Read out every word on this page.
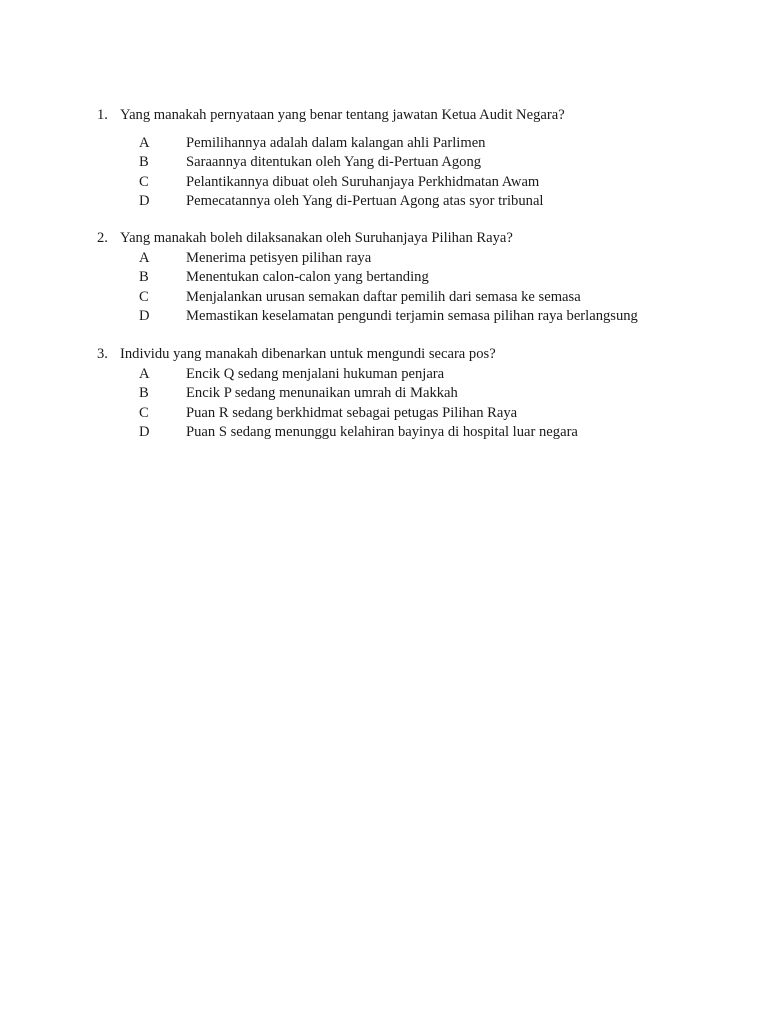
1. Yang manakah pernyataan yang benar tentang jawatan Ketua Audit Negara?
A Pemilihannya adalah dalam kalangan ahli Parlimen
B	Saraannya ditentukan oleh Yang di-Pertuan Agong
C	Pelantikannya dibuat oleh Suruhanjaya Perkhidmatan Awam
D Pemecatannya oleh Yang di-Pertuan Agong atas syor tribunal
2. Yang manakah boleh dilaksanakan oleh Suruhanjaya Pilihan Raya?
A Menerima petisyen pilihan raya
B	Menentukan calon-calon yang bertanding
C	Menjalankan urusan semakan daftar pemilih dari semasa ke semasa
D Memastikan keselamatan pengundi terjamin semasa pilihan raya berlangsung
3. Individu yang manakah dibenarkan untuk mengundi secara pos?
A Encik Q sedang menjalani hukuman penjara
B	Encik P sedang menunaikan umrah di Makkah
C	Puan R sedang berkhidmat sebagai petugas Pilihan Raya
D Puan S sedang menunggu kelahiran bayinya di hospital luar negara
